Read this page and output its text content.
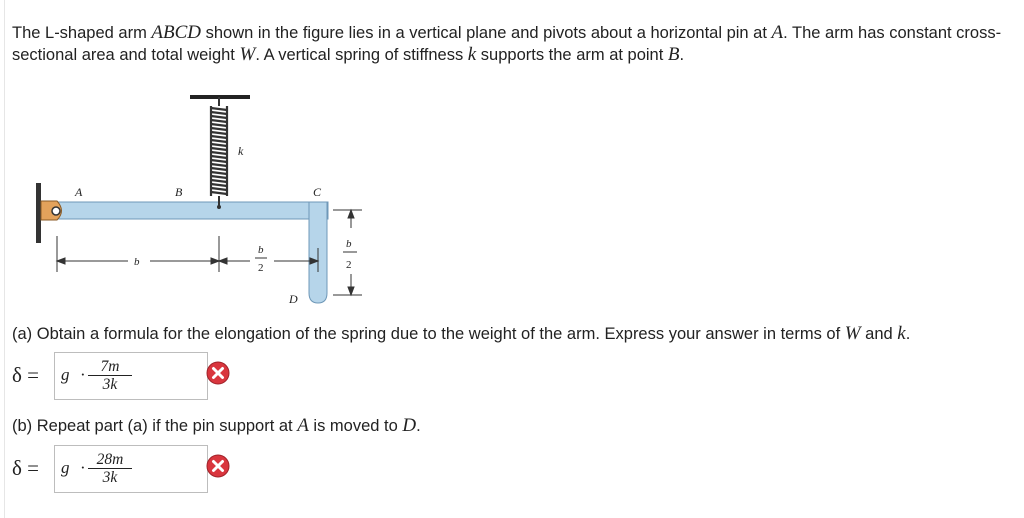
The L-shaped arm ABCD shown in the figure lies in a vertical plane and pivots about a horizontal pin at A. The arm has constant cross-sectional area and total weight W. A vertical spring of stiffness k supports the arm at point B.
A	B	C
D
k
b
b
2
b
2
(a) Obtain a formula for the elongation of the spring due to the weight of the arm. Express your answer in terms of W and k.
$\delta = g \cdot \frac{7m}{3k}$
(b) Repeat part (a) if the pin support at A is moved to D.
$\delta = g \cdot \frac{28m}{3k}$
